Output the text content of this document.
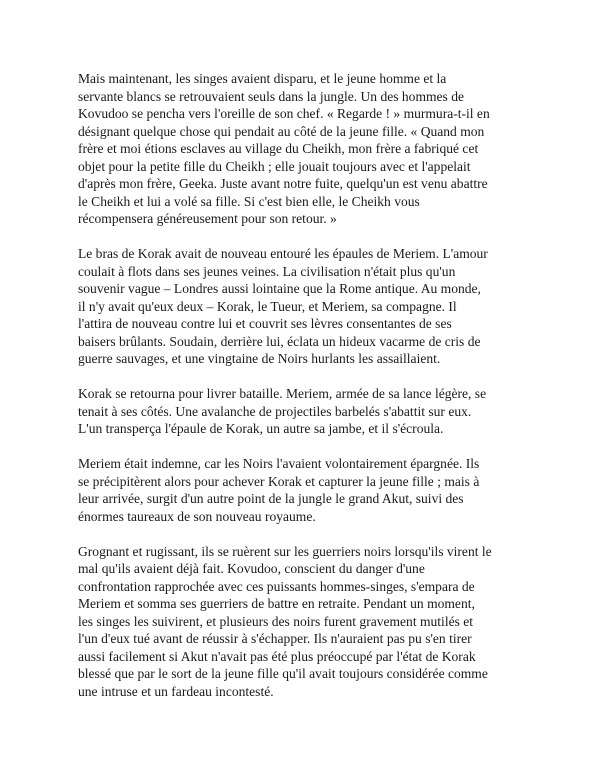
Mais maintenant, les singes avaient disparu, et le jeune homme et la
servante blancs se retrouvaient seuls dans la jungle. Un des hommes de
Kovudoo se pencha vers l'oreille de son chef. « Regarde ! » murmura-t-il en
désignant quelque chose qui pendait au côté de la jeune fille. « Quand mon
frère et moi étions esclaves au village du Cheikh, mon frère a fabriqué cet
objet pour la petite fille du Cheikh ; elle jouait toujours avec et l'appelait
d'après mon frère, Geeka. Juste avant notre fuite, quelqu'un est venu abattre
le Cheikh et lui a volé sa fille. Si c'est bien elle, le Cheikh vous
récompensera généreusement pour son retour. »

Le bras de Korak avait de nouveau entouré les épaules de Meriem. L'amour
coulait à flots dans ses jeunes veines. La civilisation n'était plus qu'un
souvenir vague – Londres aussi lointaine que la Rome antique. Au monde,
il n'y avait qu'eux deux – Korak, le Tueur, et Meriem, sa compagne. Il
l'attira de nouveau contre lui et couvrit ses lèvres consentantes de ses
baisers brûlants. Soudain, derrière lui, éclata un hideux vacarme de cris de
guerre sauvages, et une vingtaine de Noirs hurlants les assaillaient.

Korak se retourna pour livrer bataille. Meriem, armée de sa lance légère, se
tenait à ses côtés. Une avalanche de projectiles barbelés s'abattit sur eux.
L'un transperça l'épaule de Korak, un autre sa jambe, et il s'écroula.

Meriem était indemne, car les Noirs l'avaient volontairement épargnée. Ils
se précipitèrent alors pour achever Korak et capturer la jeune fille ; mais à
leur arrivée, surgit d'un autre point de la jungle le grand Akut, suivi des
énormes taureaux de son nouveau royaume.

Grognant et rugissant, ils se ruèrent sur les guerriers noirs lorsqu'ils virent le
mal qu'ils avaient déjà fait. Kovudoo, conscient du danger d'une
confrontation rapprochée avec ces puissants hommes-singes, s'empara de
Meriem et somma ses guerriers de battre en retraite. Pendant un moment,
les singes les suivirent, et plusieurs des noirs furent gravement mutilés et
l'un d'eux tué avant de réussir à s'échapper. Ils n'auraient pas pu s'en tirer
aussi facilement si Akut n'avait pas été plus préoccupé par l'état de Korak
blessé que par le sort de la jeune fille qu'il avait toujours considérée comme
une intruse et un fardeau incontesté.
